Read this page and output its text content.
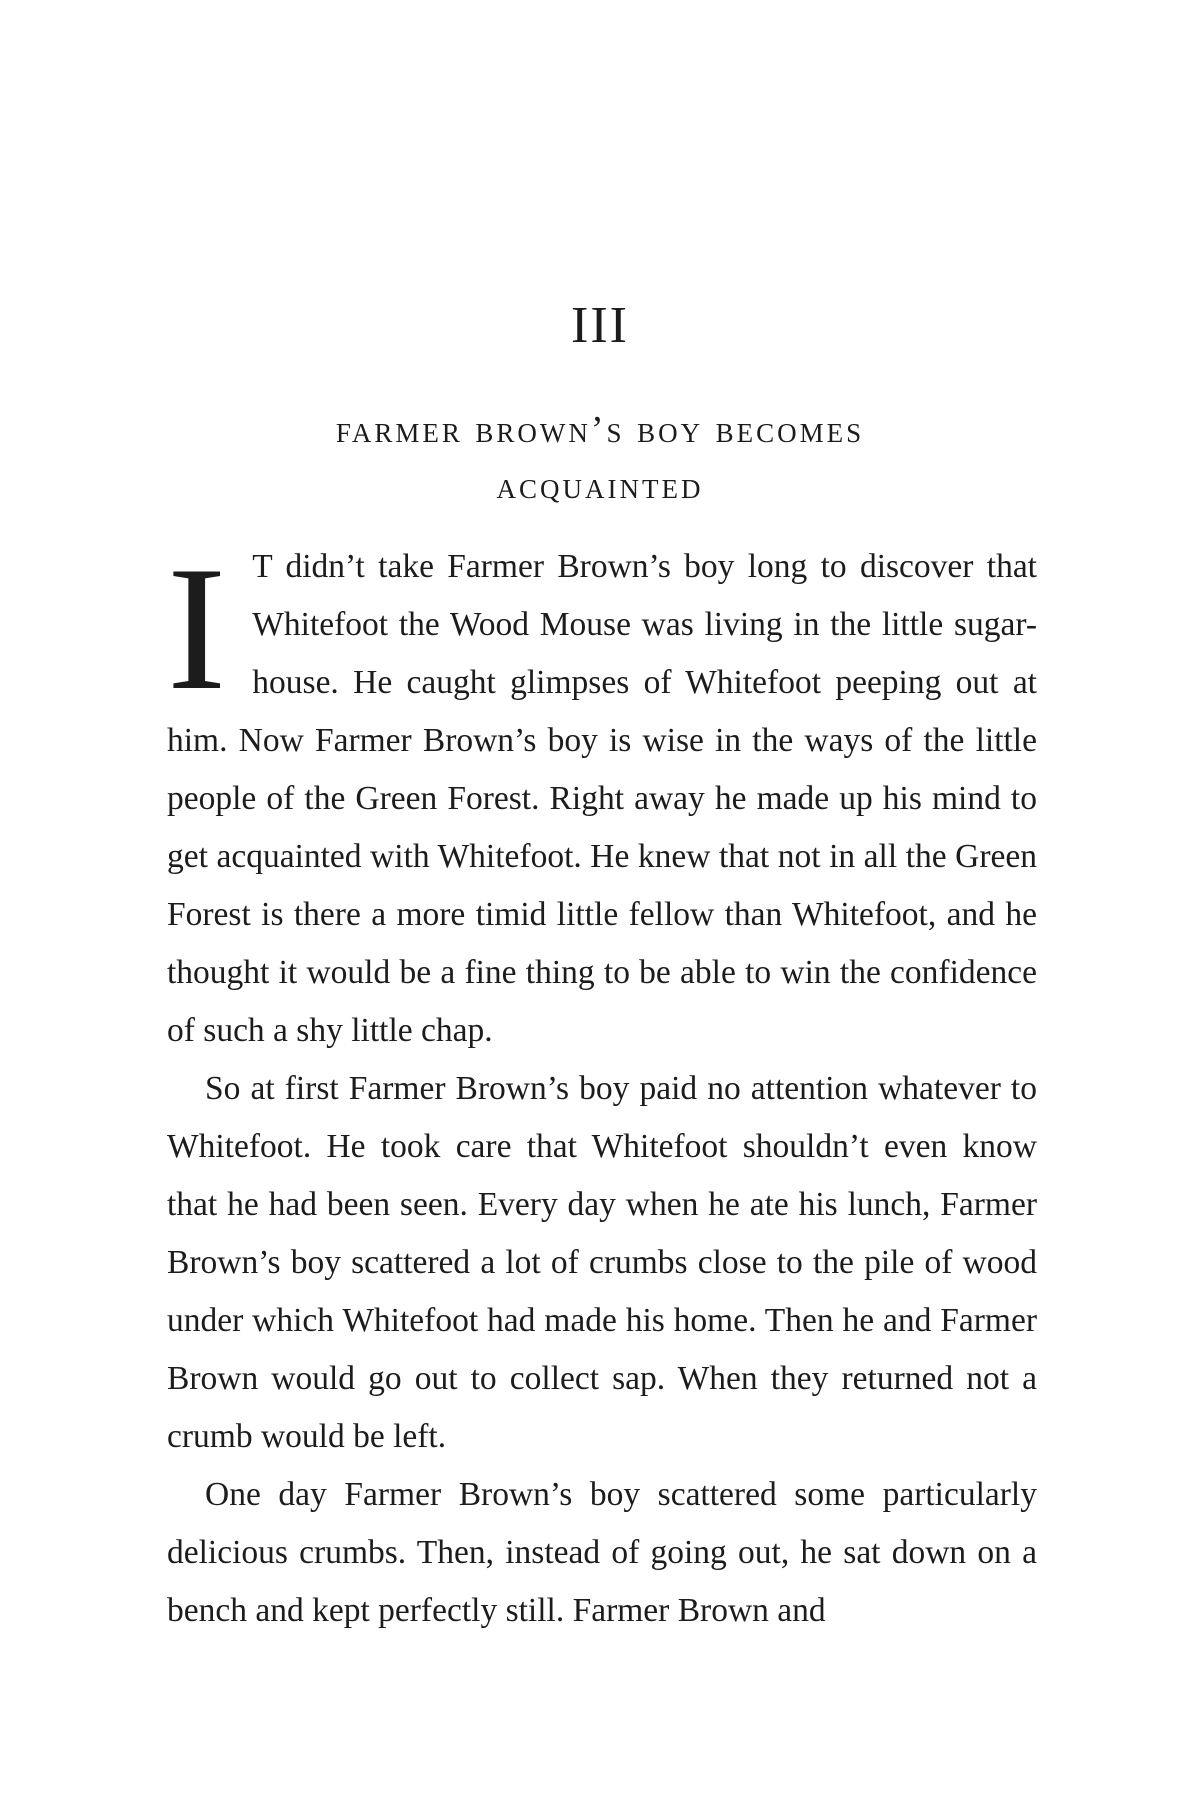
III
farmer brown’s boy becomes
acquainted

I T didn’t take Farmer Brown’s boy long to discover that Whitefoot the Wood Mouse was living in the little sugar-house. He caught glimpses of Whitefoot peeping out at him. Now Farmer Brown’s boy is wise in the ways of the little people of the Green Forest. Right away he made up his mind to get acquainted with Whitefoot. He knew that not in all the Green Forest is there a more timid little fellow than Whitefoot, and he thought it would be a fine thing to be able to win the confidence of such a shy little chap.

So at first Farmer Brown’s boy paid no attention whatever to Whitefoot. He took care that Whitefoot shouldn’t even know that he had been seen. Every day when he ate his lunch, Farmer Brown’s boy scattered a lot of crumbs close to the pile of wood under which Whitefoot had made his home. Then he and Farmer Brown would go out to collect sap. When they returned not a crumb would be left.

One day Farmer Brown’s boy scattered some particularly delicious crumbs. Then, instead of going out, he sat down on a bench and kept perfectly still. Farmer Brown and
